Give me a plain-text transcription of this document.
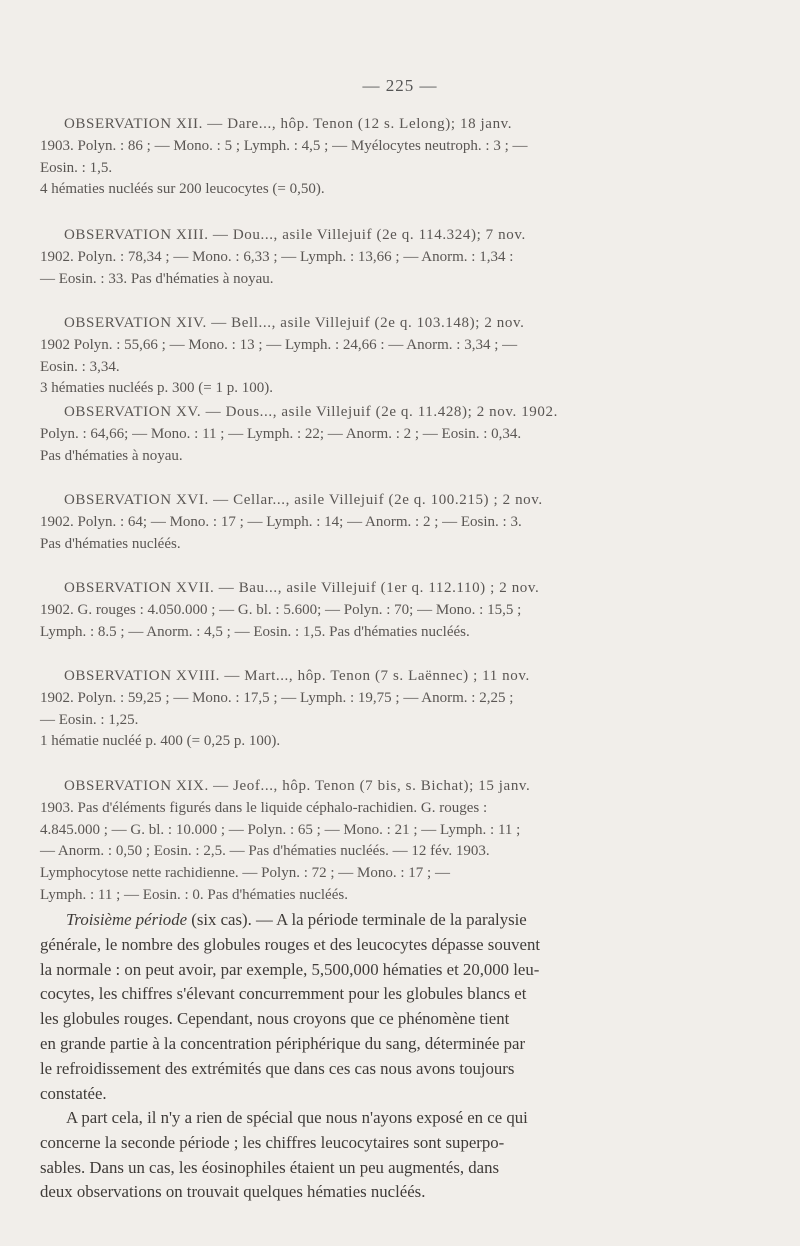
— 225 —

OBSERVATION XII. — Dare..., hôp. Tenon (12 s. Lelong); 18 janv.

1903. Polyn. : 86 ; — Mono. : 5 ; Lymph. : 4,5 ; — Myélocytes neutroph. : 3 ; —

Eosin. : 1,5.

4 hématies nucléés sur 200 leucocytes (= 0,50).

OBSERVATION XIII. — Dou..., asile Villejuif (2e q. 114.324); 7 nov.

1902. Polyn. : 78,34 ; — Mono. : 6,33 ; — Lymph. : 13,66 ; — Anorm. : 1,34 :

— Eosin. : 33. Pas d'hématies à noyau.

OBSERVATION XIV. — Bell..., asile Villejuif (2e q. 103.148); 2 nov.

1902 Polyn. : 55,66 ; — Mono. : 13 ; — Lymph. : 24,66 : — Anorm. : 3,34 ; —

Eosin. : 3,34.

3 hématies nucléés p. 300 (= 1 p. 100).

OBSERVATION XV. — Dous..., asile Villejuif (2e q. 11.428); 2 nov. 1902.

Polyn. : 64,66; — Mono. : 11 ; — Lymph. : 22; — Anorm. : 2 ; — Eosin. : 0,34.

Pas d'hématies à noyau.

OBSERVATION XVI. — Cellar..., asile Villejuif (2e q. 100.215) ; 2 nov.

1902. Polyn. : 64; — Mono. : 17 ; — Lymph. : 14; — Anorm. : 2 ; — Eosin. : 3.

Pas d'hématies nucléés.

OBSERVATION XVII. — Bau..., asile Villejuif (1er q. 112.110) ; 2 nov.

1902. G. rouges : 4.050.000 ; — G. bl. : 5.600; — Polyn. : 70; — Mono. : 15,5 ;

Lymph. : 8.5 ; — Anorm. : 4,5 ; — Eosin. : 1,5. Pas d'hématies nucléés.

OBSERVATION XVIII. — Mart..., hôp. Tenon (7 s. Laënnec) ; 11 nov.

1902. Polyn. : 59,25 ; — Mono. : 17,5 ; — Lymph. : 19,75 ; — Anorm. : 2,25 ;

— Eosin. : 1,25.

1 hématie nucléé p. 400 (= 0,25 p. 100).

OBSERVATION XIX. — Jeof..., hôp. Tenon (7 bis, s. Bichat); 15 janv.

1903. Pas d'éléments figurés dans le liquide céphalo-rachidien. G. rouges :

4.845.000 ; — G. bl. : 10.000 ; — Polyn. : 65 ; — Mono. : 21 ; — Lymph. : 11 ;

— Anorm. : 0,50 ; Eosin. : 2,5. — Pas d'hématies nucléés. — 12 fév. 1903.

Lymphocytose nette rachidienne. — Polyn. : 72 ; — Mono. : 17 ; —

Lymph. : 11 ; — Eosin. : 0. Pas d'hématies nucléés.

Troisième période (six cas). — A la période terminale de la paralysie

générale, le nombre des globules rouges et des leucocytes dépasse souvent

la normale : on peut avoir, par exemple, 5,500,000 hématies et 20,000 leu-

cocytes, les chiffres s'élevant concurremment pour les globules blancs et

les globules rouges. Cependant, nous croyons que ce phénomène tient

en grande partie à la concentration périphérique du sang, déterminée par

le refroidissement des extrémités que dans ces cas nous avons toujours

constatée.

A part cela, il n'y a rien de spécial que nous n'ayons exposé en ce qui

concerne la seconde période ; les chiffres leucocytaires sont superpo-

sables. Dans un cas, les éosinophiles étaient un peu augmentés, dans

deux observations on trouvait quelques hématies nucléés.
